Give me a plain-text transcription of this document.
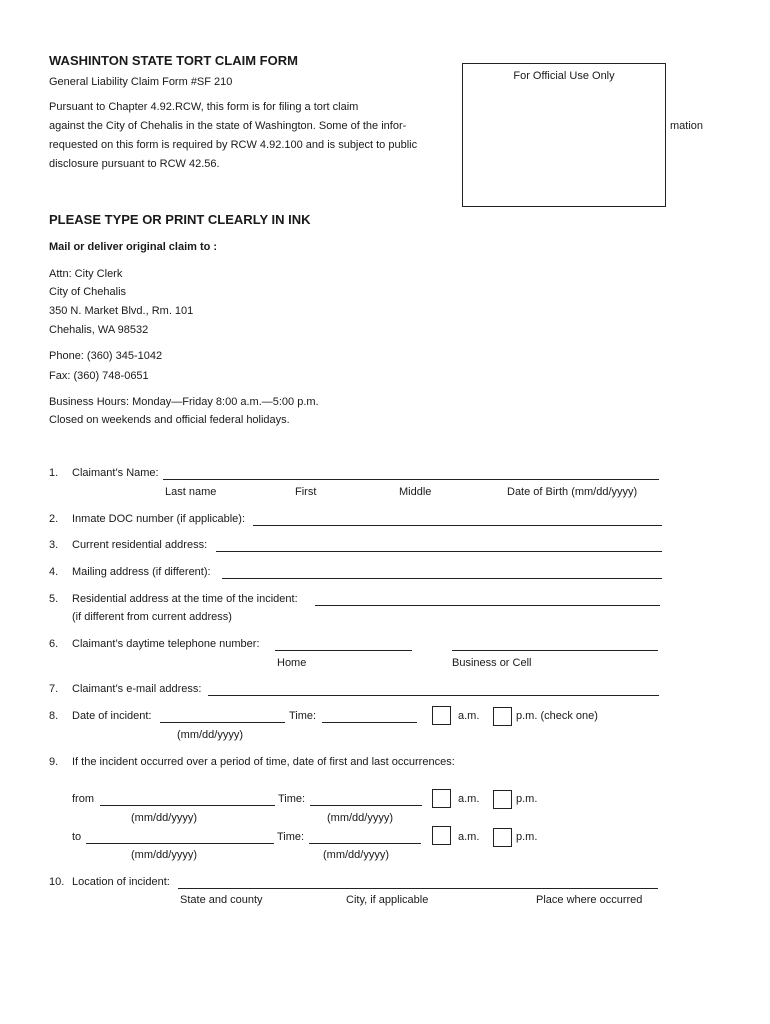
WASHINTON STATE TORT CLAIM FORM
General Liability Claim Form #SF 210
Pursuant to Chapter 4.92.RCW, this form is for filing a tort claim
against the City of Chehalis in the state of Washington. Some of the infor-
requested on this form is required by RCW 4.92.100 and is subject to public
disclosure pursuant to RCW 42.56.
mation
For Official Use Only
PLEASE TYPE OR PRINT CLEARLY IN INK
Mail or deliver original claim to :
Attn: City Clerk
City of Chehalis
350 N. Market Blvd., Rm. 101
Chehalis, WA 98532
Phone: (360) 345-1042
Fax: (360) 748-0651
Business Hours: Monday—Friday 8:00 a.m.—5:00 p.m.
Closed on weekends and official federal holidays.
1. Claimant’s Name:
Last name	First	Middle	Date of Birth (mm/dd/yyyy)
2. Inmate DOC number (if applicable):
3. Current residential address:
4. Mailing address (if different):
5. Residential address at the time of the incident:
(if different from current address)
6. Claimant’s daytime telephone number:
Home	Business or Cell
7. Claimant’s e-mail address:
8. Date of incident:	Time:	a.m.	p.m. (check one)
(mm/dd/yyyy)
9. If the incident occurred over a period of time, date of first and last occurrences:
from	Time:	a.m.	p.m.
(mm/dd/yyyy)	(mm/dd/yyyy)
to	Time:	a.m.	p.m.
(mm/dd/yyyy)	(mm/dd/yyyy)
10. Location of incident:
State and county	City, if applicable	Place where occurred
